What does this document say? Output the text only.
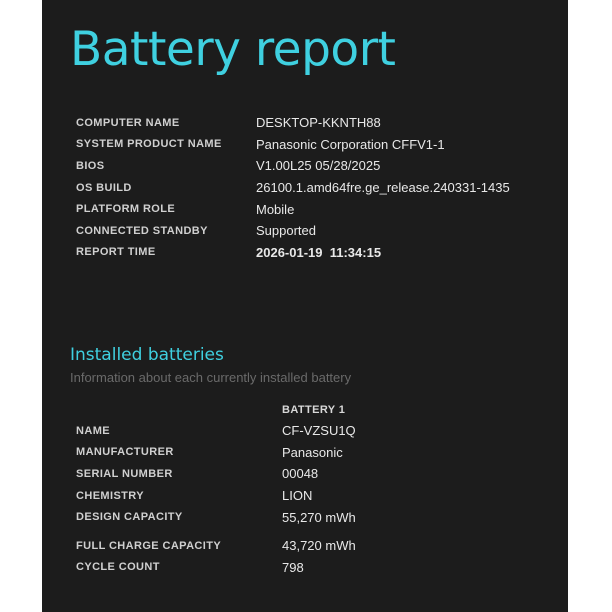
Battery report
COMPUTER NAME	DESKTOP-KKNTH88
SYSTEM PRODUCT NAME	Panasonic Corporation CFFV1-1
BIOS	V1.00L25 05/28/2025
OS BUILD	26100.1.amd64fre.ge_release.240331-1435
PLATFORM ROLE	Mobile
CONNECTED STANDBY	Supported
REPORT TIME	2026-01-19  11:34:15
Installed batteries
Information about each currently installed battery
BATTERY 1
NAME	CF-VZSU1Q
MANUFACTURER	Panasonic
SERIAL NUMBER	00048
CHEMISTRY	LION
DESIGN CAPACITY	55,270 mWh

FULL CHARGE CAPACITY	43,720 mWh
CYCLE COUNT	798
